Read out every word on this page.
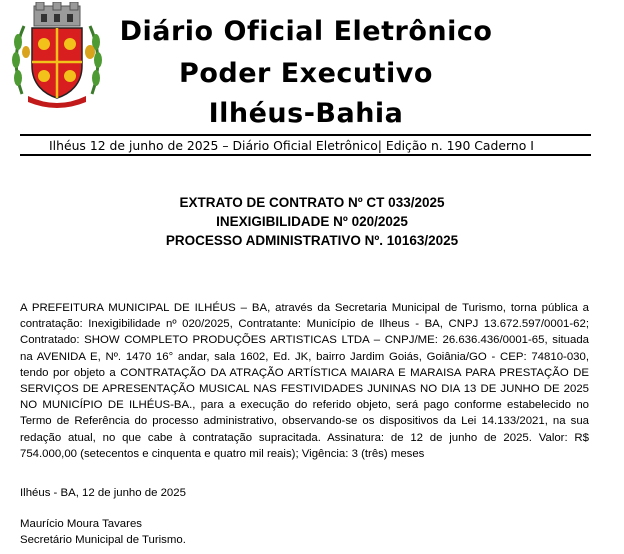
Diário Oficial Eletrônico
Poder Executivo
Ilhéus-Bahia
Ilhéus 12 de junho de 2025 – Diário Oficial Eletrônico| Edição n. 190 Caderno I
EXTRATO DE CONTRATO Nº CT 033/2025
INEXIGIBILIDADE Nº 020/2025
PROCESSO ADMINISTRATIVO Nº. 10163/2025
A PREFEITURA MUNICIPAL DE ILHÉUS – BA, através da Secretaria Municipal de Turismo, torna pública a contratação: Inexigibilidade nº 020/2025, Contratante: Município de Ilheus - BA, CNPJ 13.672.597/0001-62; Contratado: SHOW COMPLETO PRODUÇÕES ARTISTICAS LTDA – CNPJ/ME: 26.636.436/0001-65, situada na AVENIDA E, Nº. 1470 16° andar, sala 1602, Ed. JK, bairro Jardim Goiás, Goiânia/GO - CEP: 74810-030, tendo por objeto a CONTRATAÇÃO DA ATRAÇÃO ARTÍSTICA MAIARA E MARAISA PARA PRESTAÇÃO DE SERVIÇOS DE APRESENTAÇÃO MUSICAL NAS FESTIVIDADES JUNINAS NO DIA 13 DE JUNHO DE 2025 NO MUNICÍPIO DE ILHÉUS-BA., para a execução do referido objeto, será pago conforme estabelecido no Termo de Referência do processo administrativo, observando-se os dispositivos da Lei 14.133/2021, na sua redação atual, no que cabe à contratação supracitada. Assinatura: de 12 de junho de 2025. Valor: R$ 754.000,00 (setecentos e cinquenta e quatro mil reais); Vigência: 3 (três) meses
Ilhéus - BA, 12 de junho de 2025
Maurício Moura Tavares
Secretário Municipal de Turismo.
